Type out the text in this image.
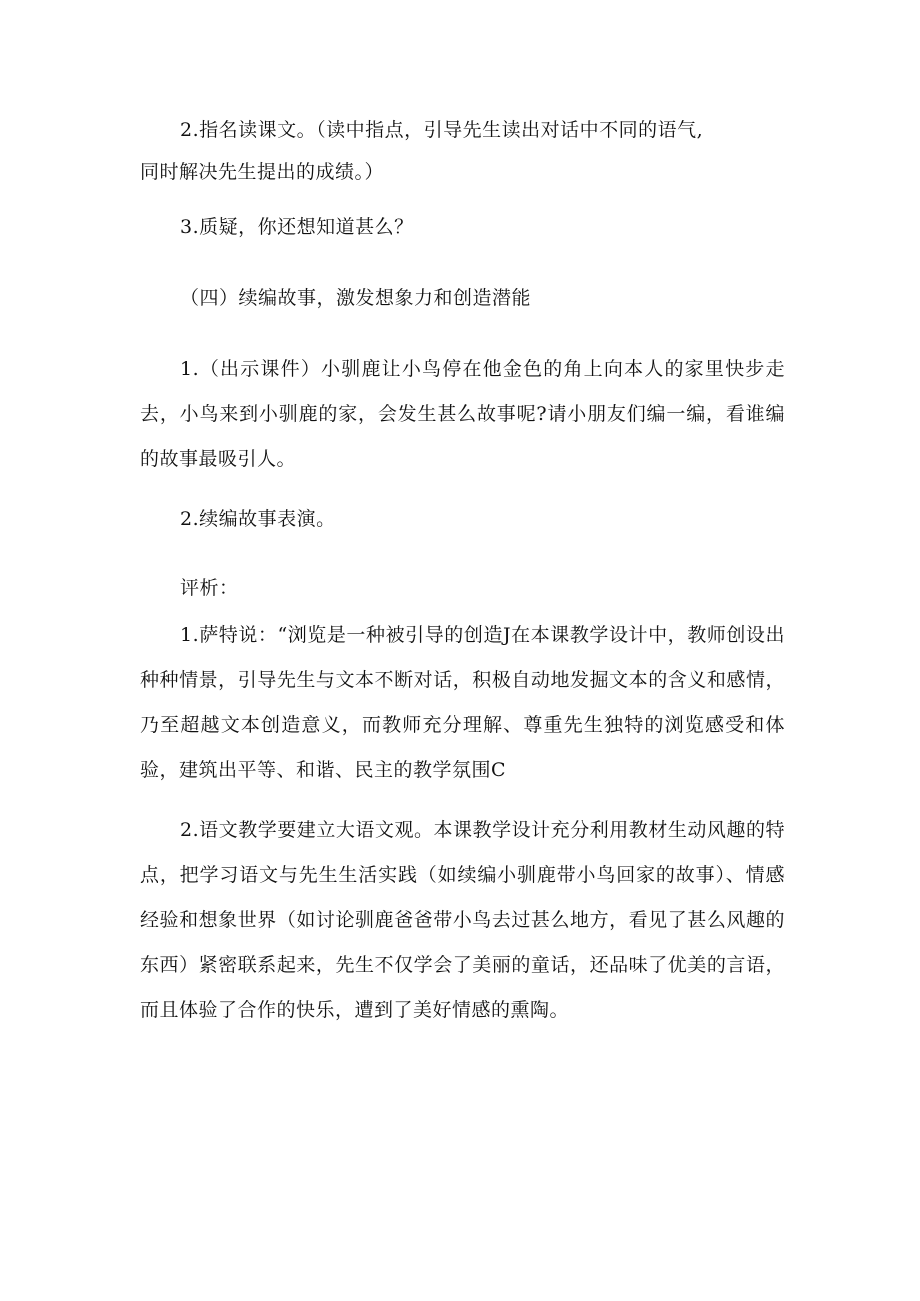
2.指名读课文。（读中指点，引导先生读出对话中不同的语气,

同时解决先生提出的成绩。）

3.质疑，你还想知道甚么？

（四）续编故事，激发想象力和创造潜能

1.（出示课件）小驯鹿让小鸟停在他金色的角上向本人的家里快步走去，小鸟来到小驯鹿的家，会发生甚么故事呢?请小朋友们编一编，看谁编的故事最吸引人。

2.续编故事表演。

评析：

1.萨特说：“浏览是一种被引导的创造J在本课教学设计中，教师创设出种种情景，引导先生与文本不断对话，积极自动地发掘文本的含义和感情，乃至超越文本创造意义，而教师充分理解、尊重先生独特的浏览感受和体验，建筑出平等、和谐、民主的教学氛围C

2.语文教学要建立大语文观。本课教学设计充分利用教材生动风趣的特点，把学习语文与先生生活实践（如续编小驯鹿带小鸟回家的故事）、情感经验和想象世界（如讨论驯鹿爸爸带小鸟去过甚么地方，看见了甚么风趣的东西）紧密联系起来，先生不仅学会了美丽的童话，还品味了优美的言语，而且体验了合作的快乐，遭到了美好情感的熏陶。
